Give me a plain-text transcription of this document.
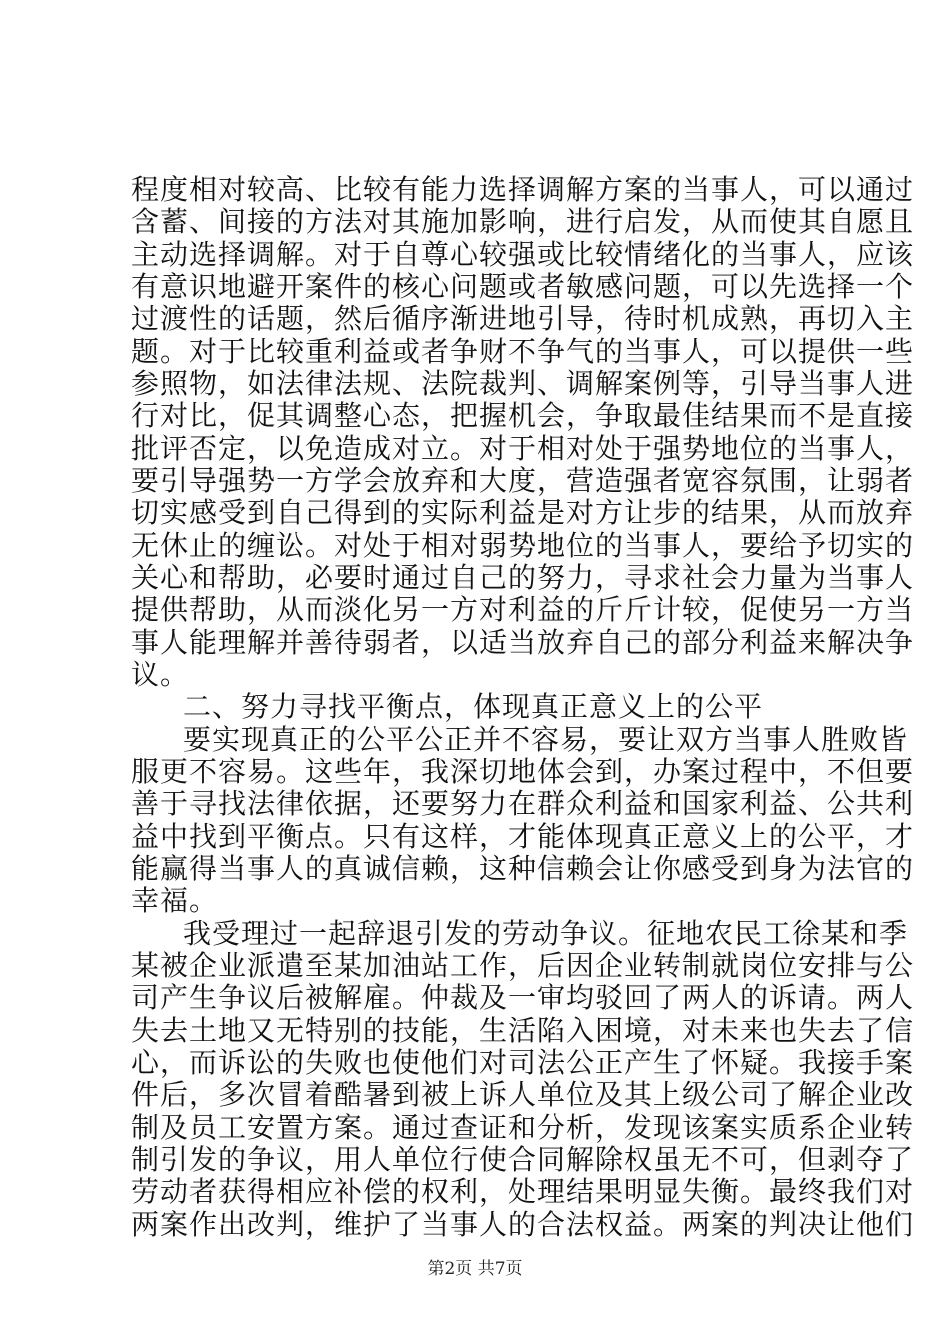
程度相对较高、比较有能力选择调解方案的当事人，可以通过
含蓄、间接的方法对其施加影响，进行启发，从而使其自愿且
主动选择调解。对于自尊心较强或比较情绪化的当事人，应该
有意识地避开案件的核心问题或者敏感问题，可以先选择一个
过渡性的话题，然后循序渐进地引导，待时机成熟，再切入主
题。对于比较重利益或者争财不争气的当事人，可以提供一些
参照物，如法律法规、法院裁判、调解案例等，引导当事人进
行对比，促其调整心态，把握机会，争取最佳结果而不是直接
批评否定，以免造成对立。对于相对处于强势地位的当事人，
要引导强势一方学会放弃和大度，营造强者宽容氛围，让弱者
切实感受到自己得到的实际利益是对方让步的结果，从而放弃
无休止的缠讼。对处于相对弱势地位的当事人，要给予切实的
关心和帮助，必要时通过自己的努力，寻求社会力量为当事人
提供帮助，从而淡化另一方对利益的斤斤计较，促使另一方当
事人能理解并善待弱者，以适当放弃自己的部分利益来解决争
议。
二、努力寻找平衡点，体现真正意义上的公平
要实现真正的公平公正并不容易，要让双方当事人胜败皆
服更不容易。这些年，我深切地体会到，办案过程中，不但要
善于寻找法律依据，还要努力在群众利益和国家利益、公共利
益中找到平衡点。只有这样，才能体现真正意义上的公平，才
能赢得当事人的真诚信赖，这种信赖会让你感受到身为法官的
幸福。
我受理过一起辞退引发的劳动争议。征地农民工徐某和季
某被企业派遣至某加油站工作，后因企业转制就岗位安排与公
司产生争议后被解雇。仲裁及一审均驳回了两人的诉请。两人
失去土地又无特别的技能，生活陷入困境，对未来也失去了信
心，而诉讼的失败也使他们对司法公正产生了怀疑。我接手案
件后，多次冒着酷暑到被上诉人单位及其上级公司了解企业改
制及员工安置方案。通过查证和分析，发现该案实质系企业转
制引发的争议，用人单位行使合同解除权虽无不可，但剥夺了
劳动者获得相应补偿的权利，处理结果明显失衡。最终我们对
两案作出改判，维护了当事人的合法权益。两案的判决让他们
第2页 共7页
